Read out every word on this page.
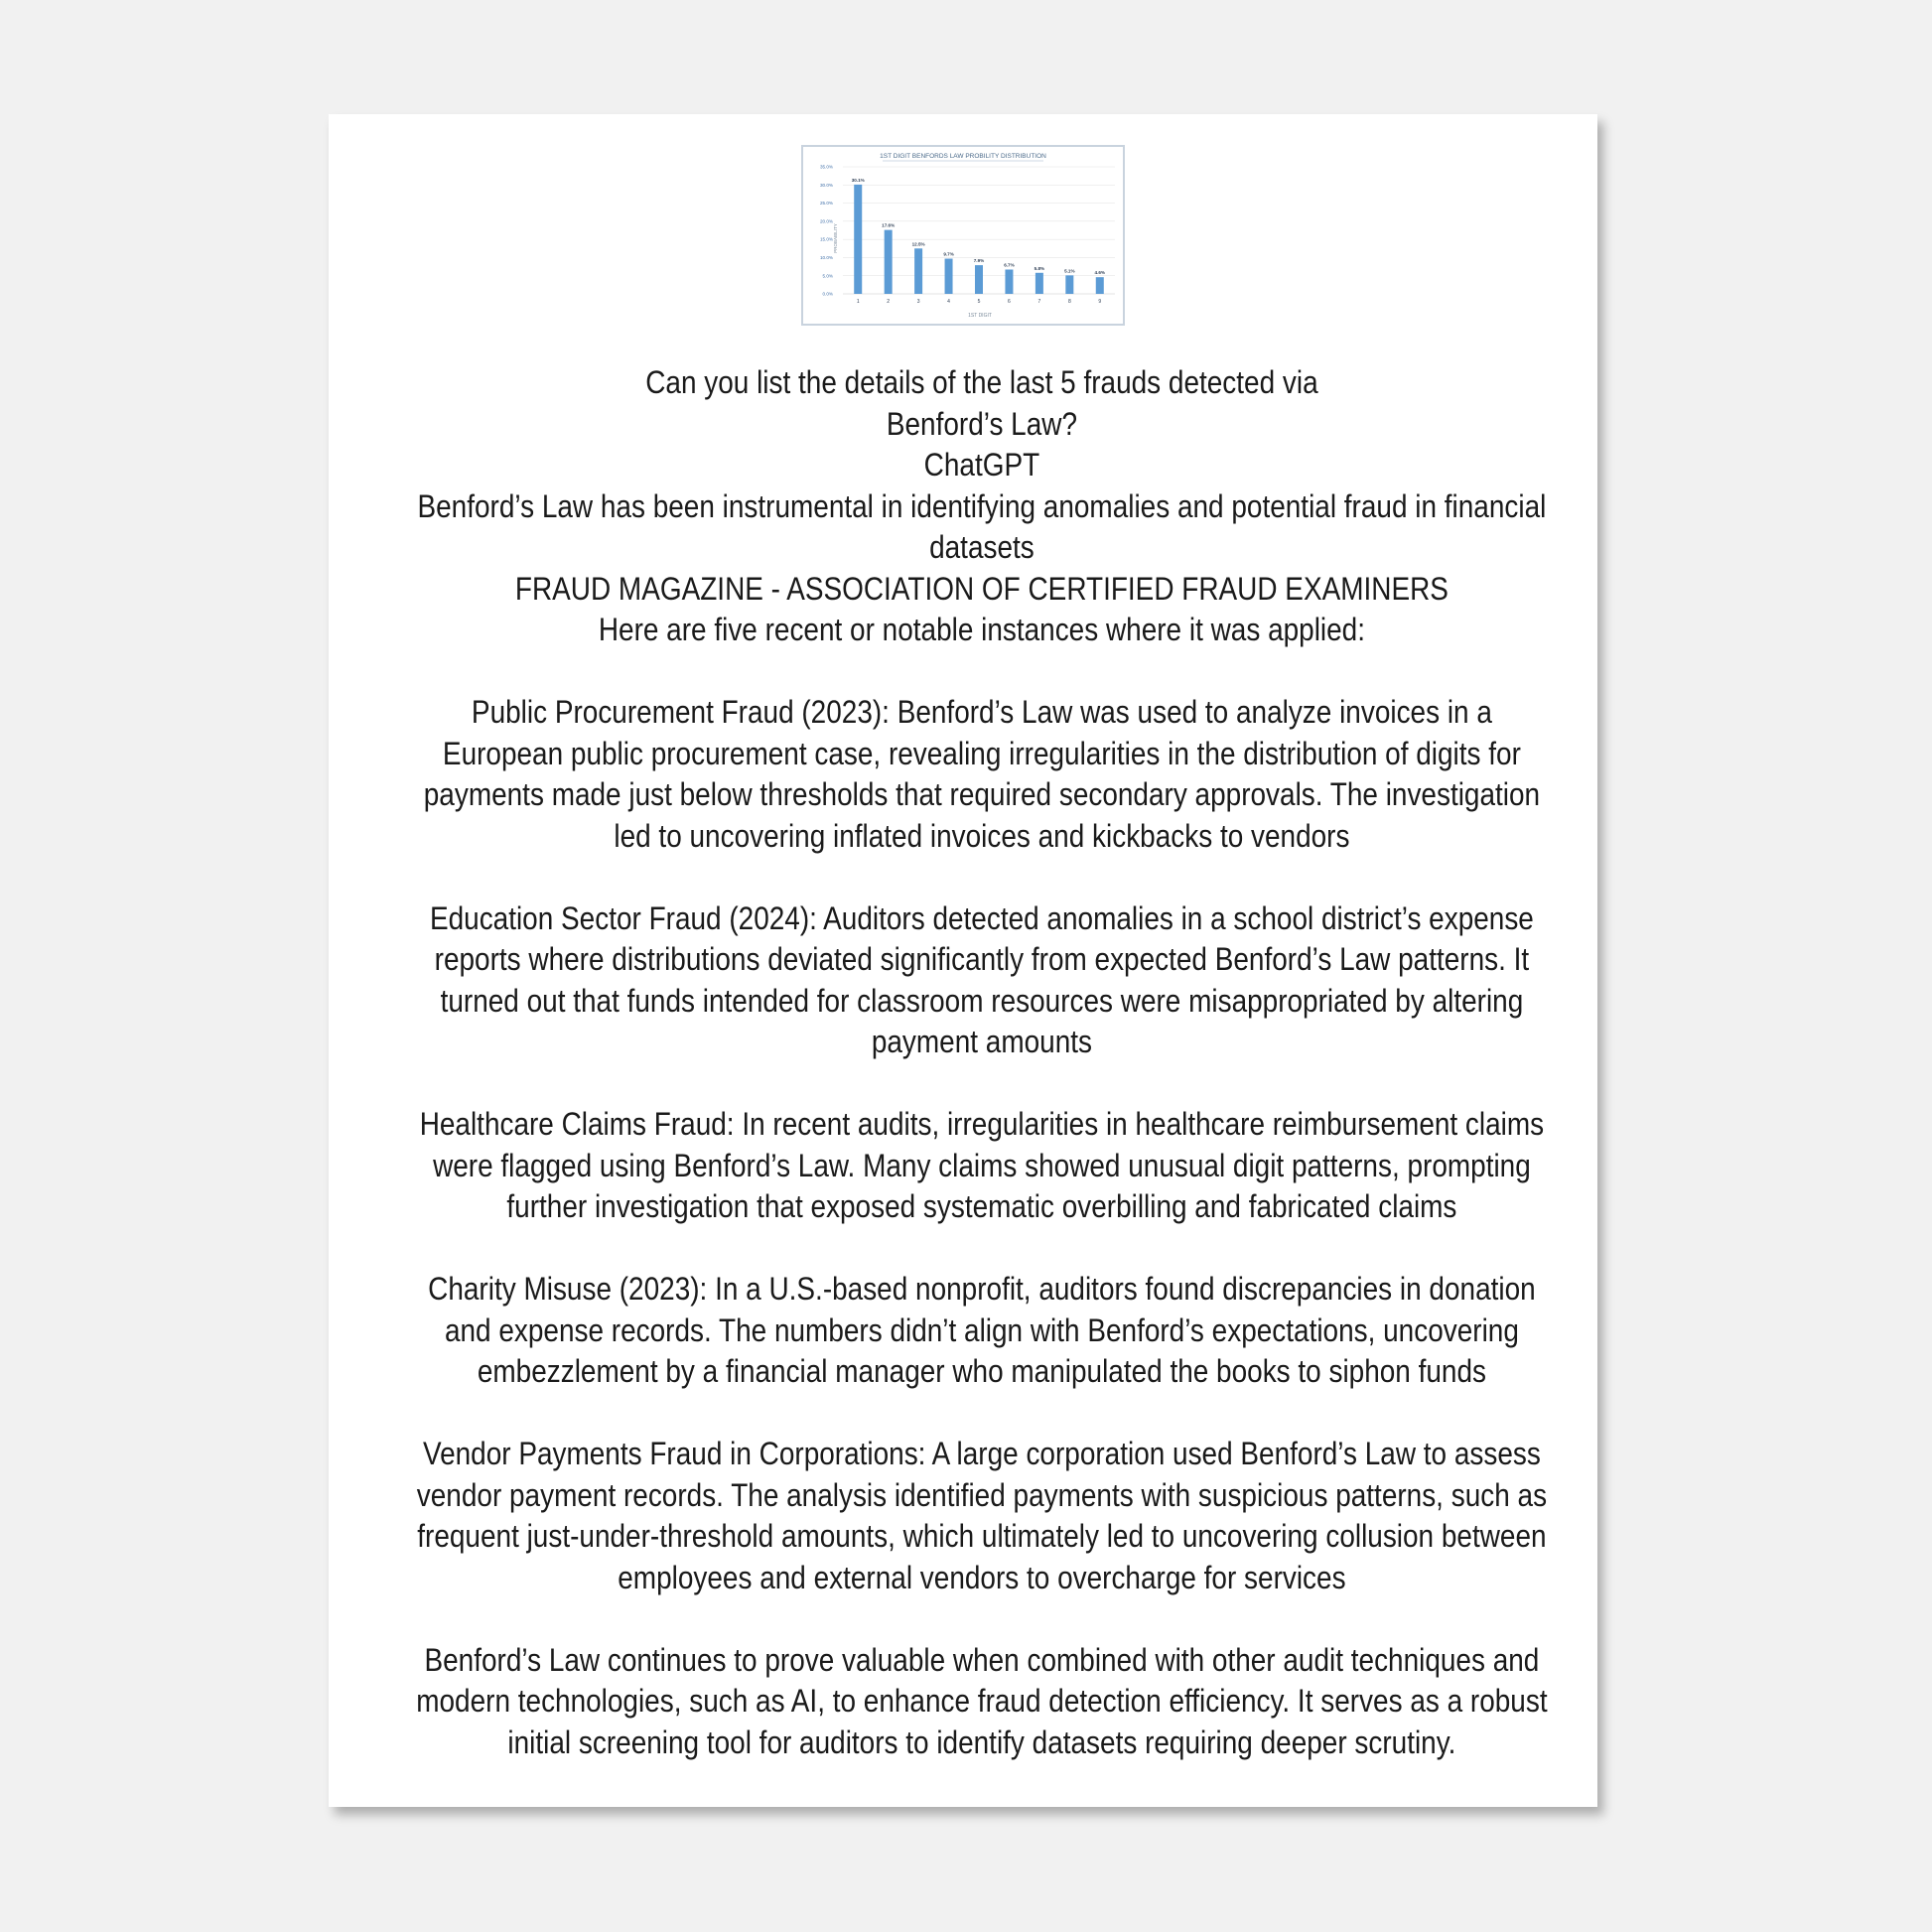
1ST DIGIT BENFORDS LAW PROBILITY DISTRIBUTION
0.0%
5.0%
10.0%
15.0%
20.0%
25.0%
30.0%
35.0%
30.1%
17.6%
12.5%
9.7%
7.9%
6.7%
5.8%
5.1%	4.6%
1	2	3	4	5	6	7	8	9
PROBABILITY
1ST DIGIT
Can you list the details of the last 5 frauds detected via
Benford’s Law?
ChatGPT
Benford’s Law has been instrumental in identifying anomalies and potential fraud in financial
datasets
FRAUD MAGAZINE - ASSOCIATION OF CERTIFIED FRAUD EXAMINERS
Here are five recent or notable instances where it was applied:
Public Procurement Fraud (2023): Benford’s Law was used to analyze invoices in a
European public procurement case, revealing irregularities in the distribution of digits for
payments made just below thresholds that required secondary approvals. The investigation
led to uncovering inflated invoices and kickbacks to vendors
Education Sector Fraud (2024): Auditors detected anomalies in a school district’s expense
reports where distributions deviated significantly from expected Benford’s Law patterns. It
turned out that funds intended for classroom resources were misappropriated by altering
payment amounts
Healthcare Claims Fraud: In recent audits, irregularities in healthcare reimbursement claims
were flagged using Benford’s Law. Many claims showed unusual digit patterns, prompting
further investigation that exposed systematic overbilling and fabricated claims
Charity Misuse (2023): In a U.S.-based nonprofit, auditors found discrepancies in donation
and expense records. The numbers didn’t align with Benford’s expectations, uncovering
embezzlement by a financial manager who manipulated the books to siphon funds
Vendor Payments Fraud in Corporations: A large corporation used Benford’s Law to assess
vendor payment records. The analysis identified payments with suspicious patterns, such as
frequent just-under-threshold amounts, which ultimately led to uncovering collusion between
employees and external vendors to overcharge for services
Benford’s Law continues to prove valuable when combined with other audit techniques and
modern technologies, such as AI, to enhance fraud detection efficiency. It serves as a robust
initial screening tool for auditors to identify datasets requiring deeper scrutiny.
